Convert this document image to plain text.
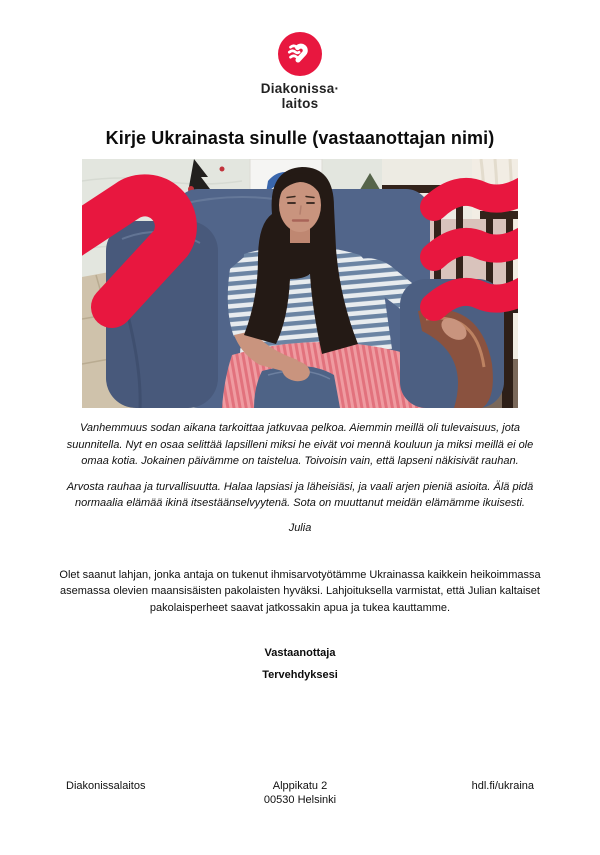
Diakonissa·
laitos
Kirje Ukrainasta sinulle (vastaanottajan nimi)

Vanhemmuus sodan aikana tarkoittaa jatkuvaa pelkoa. Aiemmin meillä oli tulevaisuus, jota suunnitella. Nyt en osaa selittää lapsilleni miksi he eivät voi mennä kouluun ja miksi meillä ei ole omaa kotia. Jokainen päivämme on taistelua. Toivoisin vain, että lapseni näkisivät rauhan.

Arvosta rauhaa ja turvallisuutta. Halaa lapsiasi ja läheisiäsi, ja vaali arjen pieniä asioita. Älä pidä normaalia elämää ikinä itsestäänselvyytenä. Sota on muuttanut meidän elämämme ikuisesti.

Julia

Olet saanut lahjan, jonka antaja on tukenut ihmisarvotyötämme Ukrainassa kaikkein heikoimmassa asemassa olevien maansisäisten pakolaisten hyväksi. Lahjoituksella varmistat, että Julian kaltaiset pakolaisperheet saavat jatkossakin apua ja tukea kauttamme.

Vastaanottaja

Tervehdyksesi

Diakonissalaitos	Alppikatu 2
00530 Helsinki
hdl.fi/ukraina
